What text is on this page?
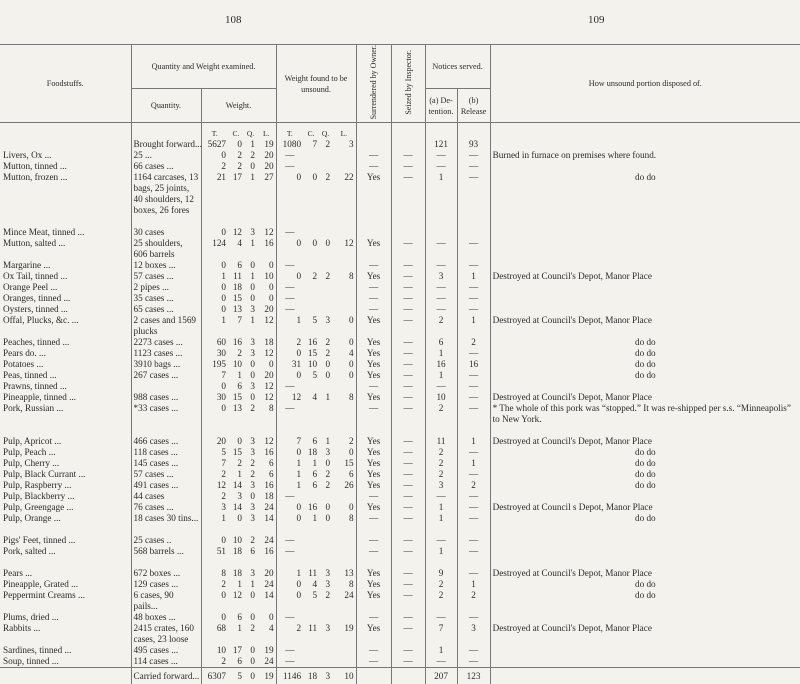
108	109
Foodstuffs.	Quantity and Weight examined.					Weight found to be unsound.				Surrendered by Owner.	Seized by Inspector.	Notices served.		How unsound portion disposed of.
	Quantity.	Weight.										(a) De-tention.	(b) Release	
		T.	C.	Q.	L.	T.	C.	Q.	L.					
	Brought forward...	5627	0	1	19	1080	7	2	3			121	93	
Livers, Ox ...	25 ...	0	2	2	20	—				—	—	—	—	Burned in furnace on premises where found.
Mutton, tinned ...	66 cases ...	2	2	0	20	—				—	—	—	—	
Mutton, frozen ...	1164 carcases, 13 bags, 25 joints, 40 shoulders, 12 boxes, 26 fores	21	17	1	27	0	0	2	22	Yes	—	1	—	do do
Mince Meat, tinned ...	30 cases	0	12	3	12	—								
Mutton, salted ...	25 shoulders, 606 barrels	124	4	1	16	0	0	0	12	Yes	—	—	—	
Margarine ...	12 boxes ...	0	6	0	0	—				—	—	—	—	
Ox Tail, tinned ...	57 cases ...	1	11	1	10	0	2	2	8	Yes	—	3	1	Destroyed at Council's Depot, Manor Place
Orange Peel ...	2 pipes ...	0	18	0	0	—				—	—	—	—	
Oranges, tinned ...	35 cases ...	0	15	0	0	—				—	—	—	—	
Oysters, tinned ...	65 cases ...	0	13	3	20	—				—	—	—	—	
Offal, Plucks, &c. ...	2 cases and 1569 plucks	1	7	1	12	1	5	3	0	Yes	—	2	1	Destroyed at Council's Depot, Manor Place
Peaches, tinned ...	2273 cases ...	60	16	3	18	2	16	2	0	Yes	—	6	2	do do
Pears do. ...	1123 cases ...	30	2	3	12	0	15	2	4	Yes	—	1	—	do do
Potatoes ...	3910 bags ...	195	10	0	0	31	10	0	0	Yes	—	16	16	do do
Peas, tinned ...	267 cases ...	7	1	0	20	0	5	0	0	Yes	—	1	—	do do
Prawns, tinned ...		0	6	3	12	—				—	—	—	—	
Pineapple, tinned ...	988 cases ...	30	15	0	12	12	4	1	8	Yes	—	10	—	Destroyed at Council's Depot, Manor Place
Pork, Russian ...	*33 cases ...	0	13	2	8	—				—	—	2	—	* The whole of this pork was “stopped.” It was re-shipped per s.s. “Minneapolis” to New York.
Pulp, Apricot ...	466 cases ...	20	0	3	12	7	6	1	2	Yes	—	11	1	Destroyed at Council's Depot, Manor Place
Pulp, Peach ...	118 cases ...	5	15	3	16	0	18	3	0	Yes	—	2	—	do do
Pulp, Cherry ...	145 cases ...	7	2	2	6	1	1	0	15	Yes	—	2	1	do do
Pulp, Black Currant ...	57 cases ...	2	1	2	6	1	6	2	6	Yes	—	2	—	do do
Pulp, Raspberry ...	491 cases ...	12	14	3	16	1	6	2	26	Yes	—	3	2	do do
Pulp, Blackberry ...	44 cases	2	3	0	18	—				—	—	—	—	
Pulp, Greengage ...	76 cases ...	3	14	3	24	0	16	0	0	Yes	—	1	—	Destroyed at Council s Depot, Manor Place
Pulp, Orange ...	18 cases 30 tins...	1	0	3	14	0	1	0	8	—	—	1	—	do do
Pigs' Feet, tinned ...	25 cases ..	0	10	2	24	—				—	—	—	—	
Pork, salted ...	568 barrels ...	51	18	6	16	—				—	—	1	—	
Pears ...	672 boxes ...	8	18	3	20	1	11	3	13	Yes	—	9	—	Destroyed at Council's Depot, Manor Place
Pineapple, Grated ...	129 cases ...	2	1	1	24	0	4	3	8	Yes	—	2	1	do do
Peppermint Creams ...	6 cases, 90 pails...	0	12	0	14	0	5	2	24	Yes	—	2	2	do do
Plums, dried ...	48 boxes ...	0	6	0	0	—				—	—	—	—	
Rabbits ...	2415 crates, 160 cases, 23 loose	68	1	2	4	2	11	3	19	Yes	—	7	3	Destroyed at Council's Depot, Manor Place
Sardines, tinned ...	495 cases ...	10	17	0	19	—				—	—	1	—	
Soup, tinned ...	114 cases ...	2	6	0	24	—				—	—	—	—	
	Carried forward...	6307	5	0	19	1146	18	3	10			207	123	
